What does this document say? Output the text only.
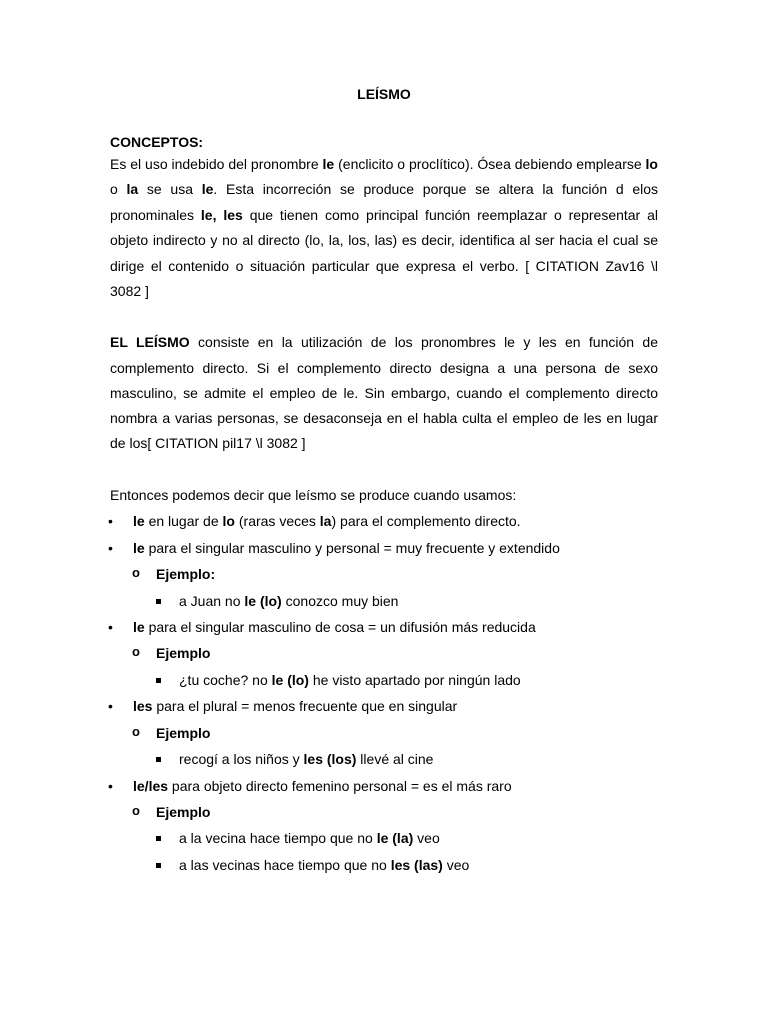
LEÍSMO

CONCEPTOS:

Es el uso indebido del pronombre le (enclicito o proclítico). Ósea debiendo emplearse lo o la se usa le. Esta incorreción se produce porque se altera la función d elos pronominales le, les que tienen como principal función reemplazar o representar al objeto indirecto y no al directo (lo, la, los, las) es decir, identifica al ser hacia el cual se dirige el contenido o situación particular que expresa el verbo. [ CITATION Zav16 \l 3082 ]

EL LEÍSMO consiste en la utilización de los pronombres le y les en función de complemento directo. Si el complemento directo designa a una persona de sexo masculino, se admite el empleo de le. Sin embargo, cuando el complemento directo nombra a varias personas, se desaconseja en el habla culta el empleo de les en lugar de los[ CITATION pil17 \l 3082 ]

Entonces podemos decir que leísmo se produce cuando usamos:

• le en lugar de lo (raras veces la) para el complemento directo.
• le para el singular masculino y personal = muy frecuente y extendido
o Ejemplo:
a Juan no le (lo) conozco muy bien
• le para el singular masculino de cosa = un difusión más reducida
o Ejemplo
¿tu coche? no le (lo) he visto apartado por ningún lado
• les para el plural = menos frecuente que en singular
o Ejemplo
recogí a los niños y les (los) llevé al cine
• le/les para objeto directo femenino personal = es el más raro
o Ejemplo
a la vecina hace tiempo que no le (la) veo
a las vecinas hace tiempo que no les (las) veo
